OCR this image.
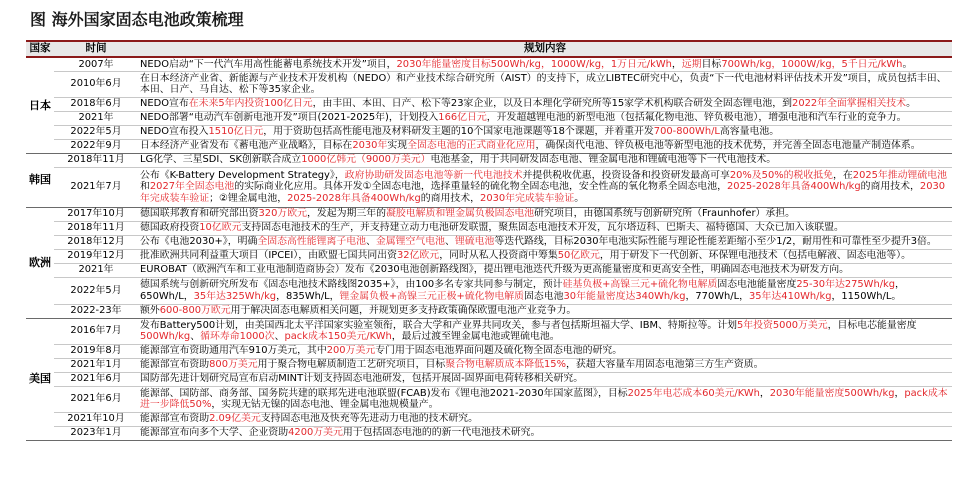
图 海外国家固态电池政策梳理
国家	时间	规划内容
日本	2007年	NEDO启动“下一代汽车用高性能蓄电系统技术开发”项目，2030年能量密度目标500Wh/kg，1000W/kg，1万日元/kWh，远期目标700Wh/kg，1000W/kg，5千日元/kWh。
	2010年6月	在日本经济产业省、新能源与产业技术开发机构（NEDO）和产业技术综合研究所（AIST）的支持下，成立LIBTEC研究中心，负责“下一代电池材料评估技术开发”项目，成员包括丰田、本田、日产、马自达、松下等35家企业。
	2018年6月	NEDO宣布在未来5年内投资100亿日元，由丰田、本田、日产、松下等23家企业，以及日本理化学研究所等15家学术机构联合研发全固态锂电池，到2022年全面掌握相关技术。
	2021年	NEDO部署“电动汽车创新电池开发”项目(2021-2025年)，计划投入166亿日元，开发超越锂电池的新型电池（包括氟化物电池、锌负极电池），增强电池和汽车行业的竞争力。
	2022年5月	NEDO宣布投入1510亿日元，用于资助包括高性能电池及材料研发主题的10个国家电池课题等18个课题，并着重开发700-800Wh/L高容量电池。
	2022年9月	日本经济产业省发布《蓄电池产业战略》，目标在2030年实现全固态电池的正式商业化应用，确保卤代电池、锌负极电池等新型电池的技术优势，并完善全固态电池量产制造体系。
韩国	2018年11月	LG化学、三星SDI、SK创新联合成立1000亿韩元（9000万美元）电池基金，用于共同研发固态电池、锂金属电池和锂硫电池等下一代电池技术。
	2021年7月	公布《K-Battery Development Strategy》，政府协助研发固态电池等新一代电池技术并提供税收优惠，投资设备和投资研发最高可享20%及50%的税收抵免，在2025年推动锂硫电池和2027年全固态电池的实际商业化应用。具体开发①全固态电池，选择重量轻的硫化物全固态电池，安全性高的氧化物系全固态电池，2025-2028年具备400Wh/kg的商用技术，2030年完成装车验证；②锂金属电池，2025-2028年具备400Wh/kg的商用技术，2030年完成装车验证。
欧洲	2017年10月	德国联邦教育和研究部出资320万欧元，发起为期三年的凝胶电解质和锂金属负极固态电池研究项目，由德国系统与创新研究所（Fraunhofer）承担。
	2018年11月	德国政府投资10亿欧元支持固态电池技术的生产，并支持建立动力电池研发联盟，聚焦固态电池技术开发，瓦尔塔迈科、巴斯夫、福特德国、大众已加入该联盟。
	2018年12月	公布《电池2030+》，明确全固态高性能锂离子电池、金属锂空气电池、锂硫电池等迭代路线，目标2030年电池实际性能与理论性能差距缩小至少1/2，耐用性和可靠性至少提升3倍。
	2019年12月	批准欧洲共同利益重大项目（IPCEI），由欧盟七国共同出资32亿欧元，同时从私人投资商中筹集50亿欧元，用于研发下一代创新、环保锂电池技术（包括电解液、固态电池等）。
	2021年	EUROBAT（欧洲汽车和工业电池制造商协会）发布《2030电池创新路线图》，提出锂电池迭代升级为更高能量密度和更高安全性，明确固态电池技术为研发方向。
	2022年5月	德国系统与创新研究所发布《固态电池技术路线图2035+》，由100多名专家共同参与制定，预计硅基负极+高镍三元+硫化物电解质固态电池能量密度25-30年达275Wh/kg，650Wh/L，35年达325Wh/kg，835Wh/L，锂金属负极+高镍三元正极+硫化物电解质固态电池30年能量密度达340Wh/kg，770Wh/L，35年达410Wh/kg，1150Wh/L。
	2022-23年	额外600-800万欧元用于解决固态电解质相关问题，并规划更多支持政策确保欧盟电池产业竞争力。
美国	2016年7月	发布Battery500计划，由美国西北太平洋国家实验室领衔，联合大学和产业界共同攻关，参与者包括斯坦福大学、IBM、特斯拉等。计划5年投资5000万美元，目标电芯能量密度500Wh/kg、循环寿命1000次、pack成本150美元/KWh，最后过渡至锂金属电池或锂硫电池。
	2019年8月	能源部宣布资助通用汽车910万美元，其中200万美元专门用于固态电池界面问题及硫化物全固态电池的研究。
	2021年1月	能源部宣布资助800万美元用于聚合物电解质制造工艺研究项目，目标聚合物电解质成本降低15%，获超大容量车用固态电池第三方生产资质。
	2021年6月	国防部先进计划研究局宣布启动MINT计划支持固态电池研发，包括开展固-固界面电荷转移相关研究。
	2021年6月	能源部、国防部、商务部、国务院共建的联邦先进电池联盟(FCAB)发布《锂电池2021-2030年国家蓝图》，目标2025年电芯成本60美元/KWh，2030年能量密度500Wh/kg，pack成本进一步降低50%，实现无钴无镍的固态电池、锂金属电池规模量产。
	2021年10月	能源部宣布资助2.09亿美元支持固态电池及快充等先进动力电池的技术研究。
	2023年1月	能源部宣布向多个大学、企业资助4200万美元用于包括固态电池的的新一代电池技术研究。
